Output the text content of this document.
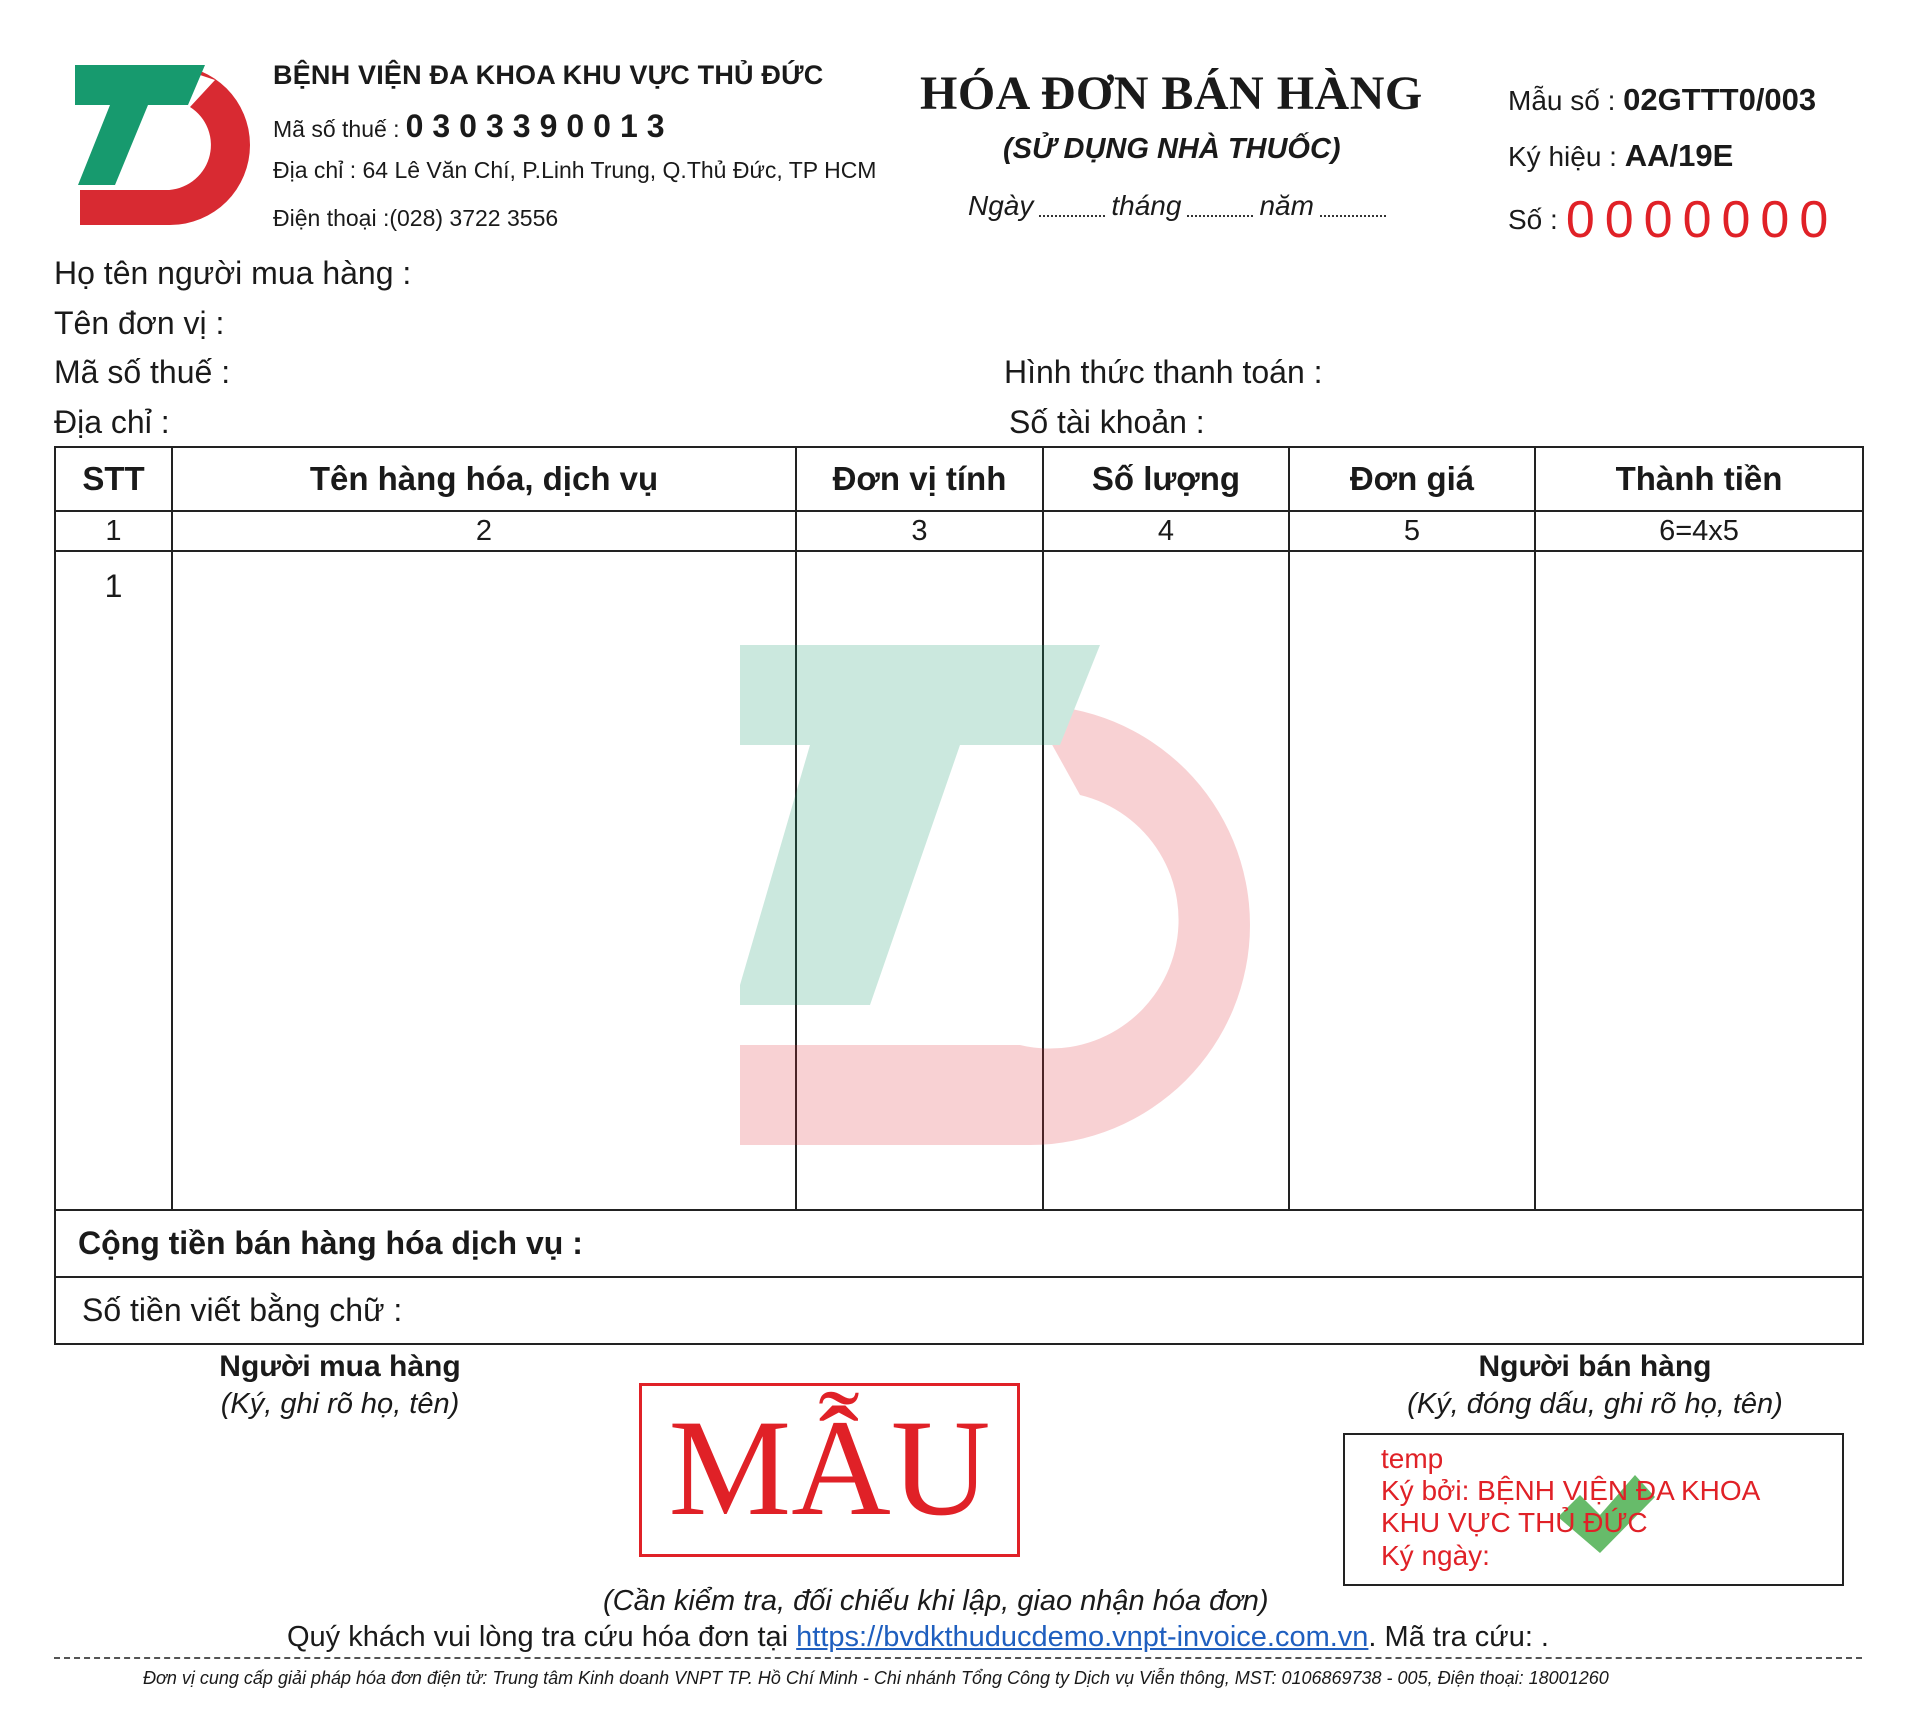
BỆNH VIỆN ĐA KHOA KHU VỰC THỦ ĐỨC
Mã số thuế : 0303390013
Địa chỉ : 64 Lê Văn Chí, P.Linh Trung, Q.Thủ Đức, TP HCM
Điện thoại :(028) 3722 3556
HÓA ĐƠN BÁN HÀNG
(SỬ DỤNG NHÀ THUỐC)
Ngày	tháng	năm
Mẫu số : 02GTTT0/003
Ký hiệu : AA/19E
Số : 0000000
Họ tên người mua hàng :
Tên đơn vị :
Mã số thuế :
Địa chỉ :
Hình thức thanh toán :
Số tài khoản :
STT	Tên hàng hóa, dịch vụ	Đơn vị tính	Số lượng	Đơn giá	Thành tiền
1	2	3	4	5	6=4x5

1					

Cộng tiền bán hàng hóa dịch vụ :					
Số tiền viết bằng chữ :					
Người mua hàng
(Ký, ghi rõ họ, tên)
Người bán hàng
(Ký, đóng dấu, ghi rõ họ, tên)
MẪU	temp
Ký bởi: BỆNH VIỆN ĐA KHOA
KHU VỰC THỦ ĐỨC
Ký ngày:
(Cần kiểm tra, đối chiếu khi lập, giao nhận hóa đơn)
Quý khách vui lòng tra cứu hóa đơn tại https://bvdkthuducdemo.vnpt-invoice.com.vn. Mã tra cứu: .
Đơn vị cung cấp giải pháp hóa đơn điện tử: Trung tâm Kinh doanh VNPT TP. Hồ Chí Minh - Chi nhánh Tổng Công ty Dịch vụ Viễn thông, MST: 0106869738 - 005, Điện thoại: 18001260
